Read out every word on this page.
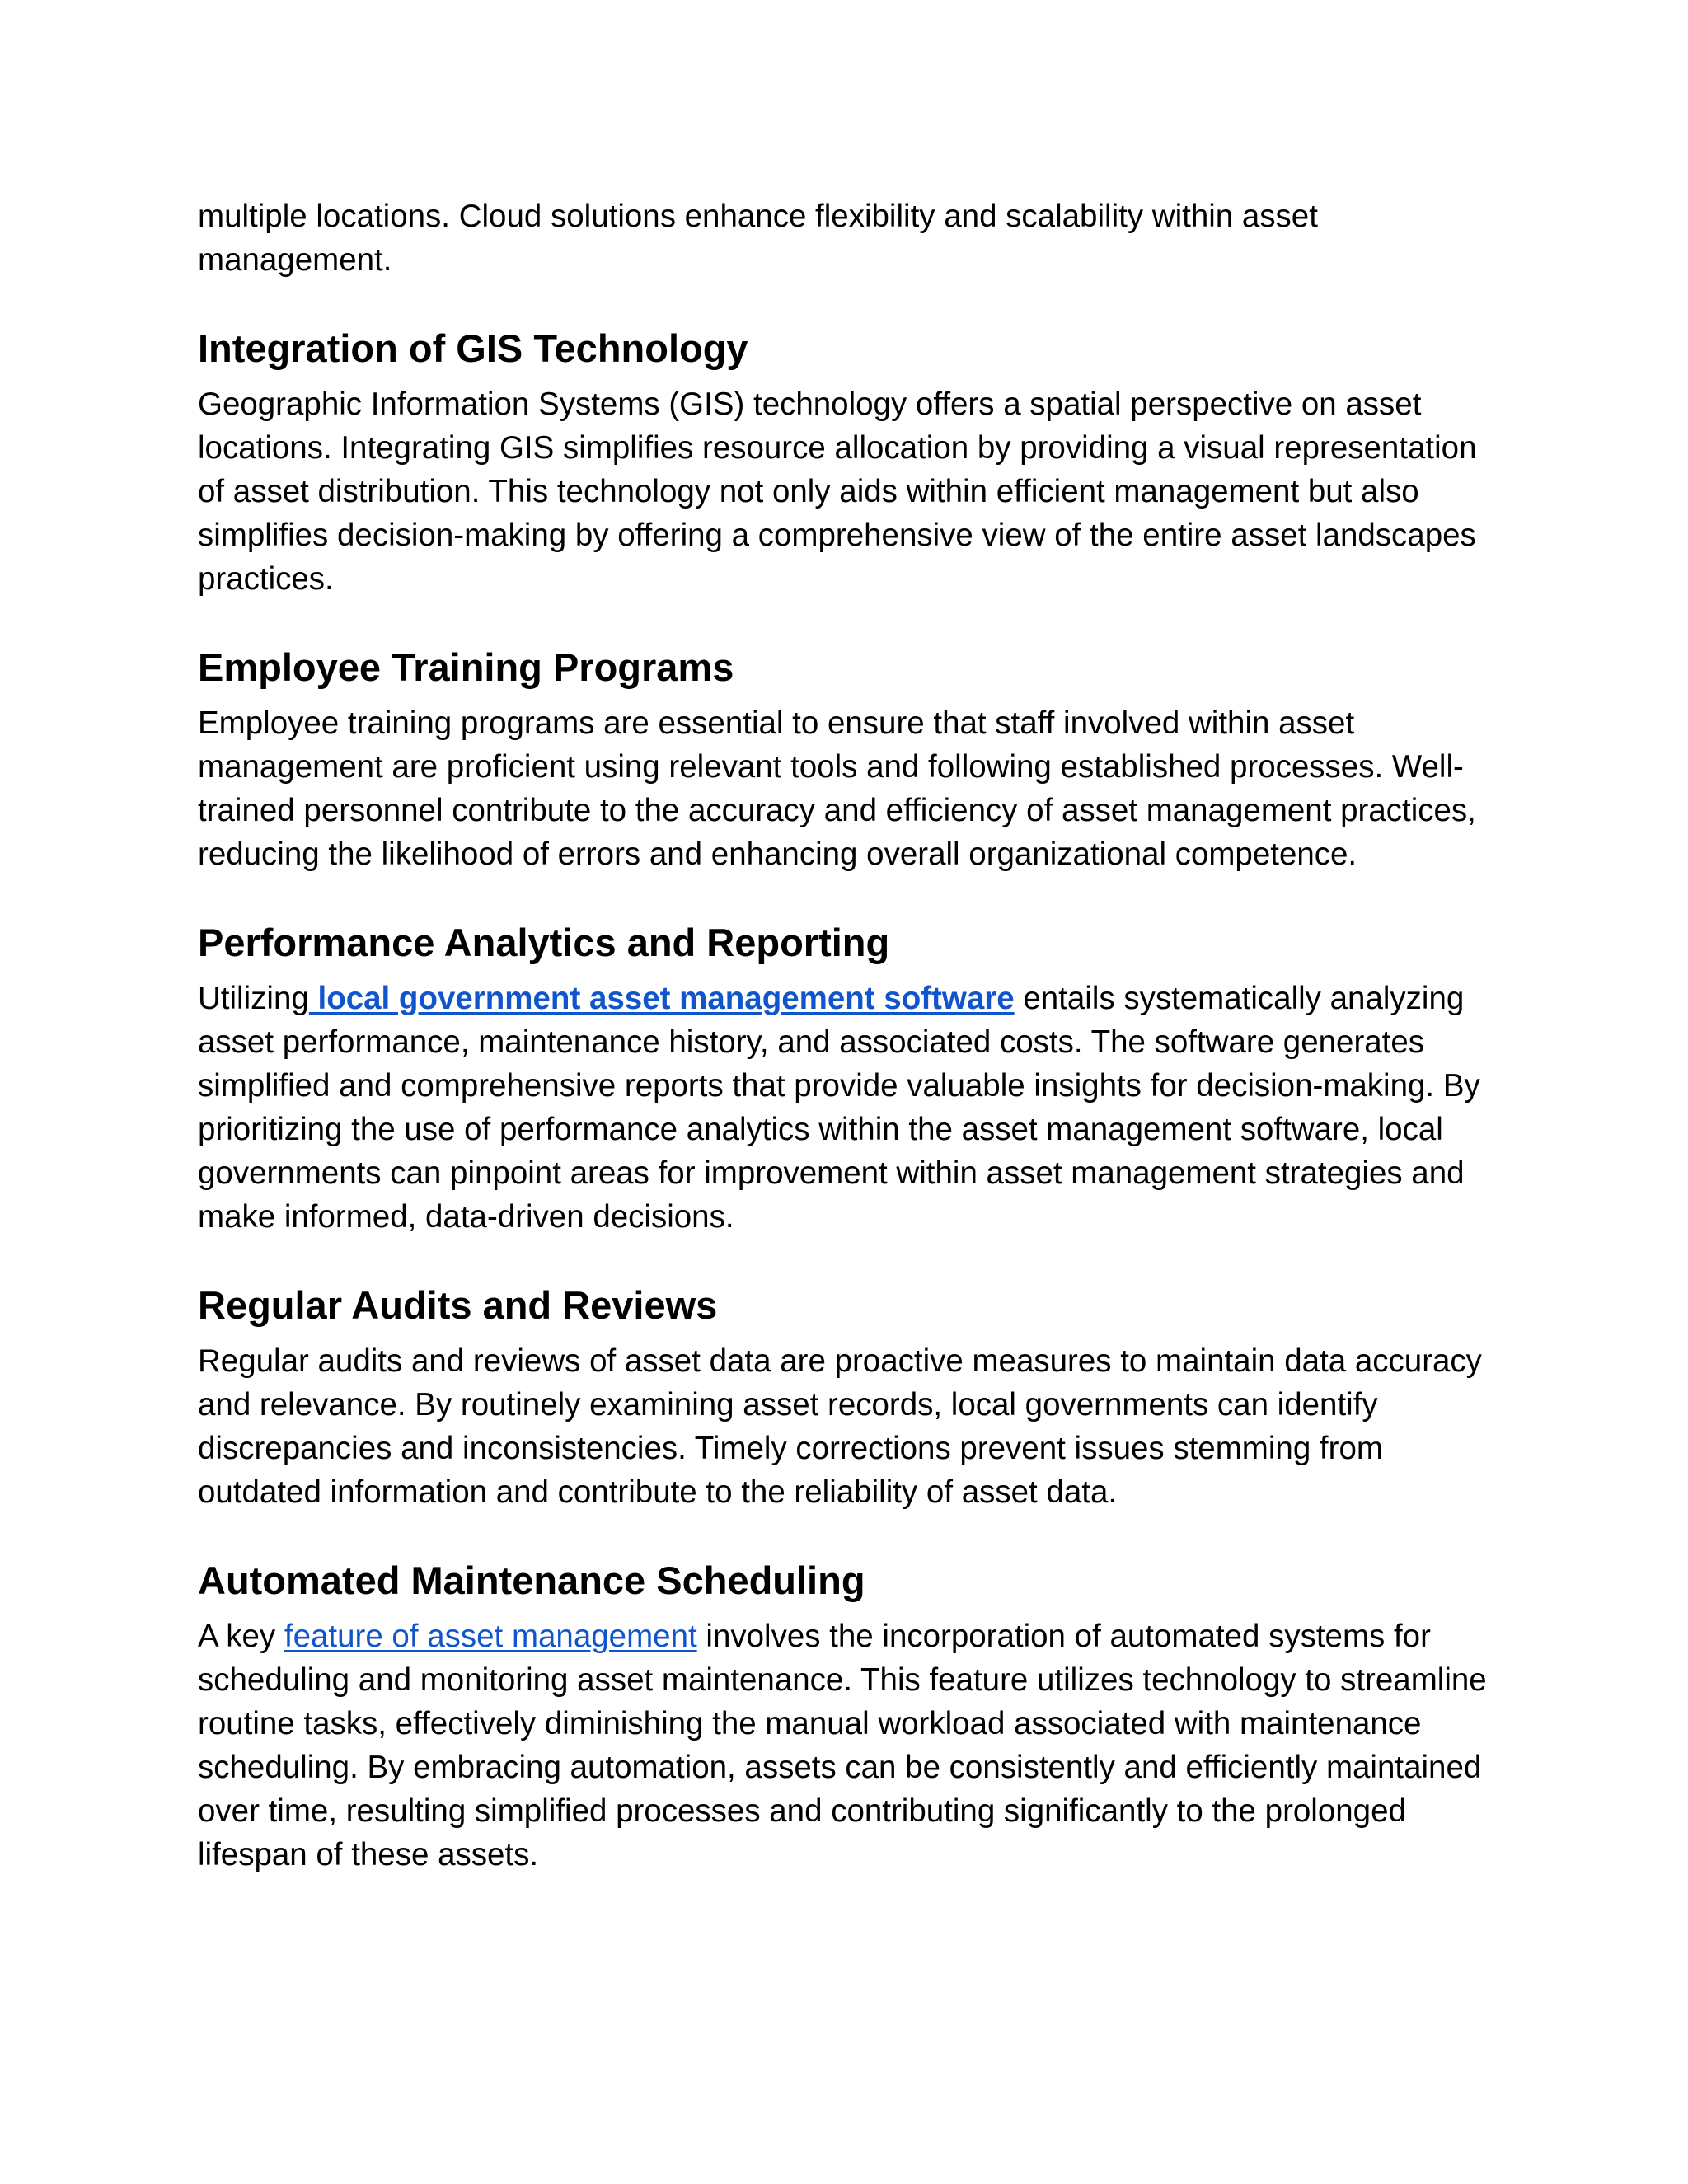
multiple locations. Cloud solutions enhance flexibility and scalability within asset management.

Integration of GIS Technology

Geographic Information Systems (GIS) technology offers a spatial perspective on asset locations. Integrating GIS simplifies resource allocation by providing a visual representation of asset distribution. This technology not only aids within efficient management but also simplifies decision-making by offering a comprehensive view of the entire asset landscapes practices.

Employee Training Programs

Employee training programs are essential to ensure that staff involved within asset management are proficient using relevant tools and following established processes. Well-trained personnel contribute to the accuracy and efficiency of asset management practices, reducing the likelihood of errors and enhancing overall organizational competence.

Performance Analytics and Reporting

Utilizing local government asset management software entails systematically analyzing asset performance, maintenance history, and associated costs. The software generates simplified and comprehensive reports that provide valuable insights for decision-making. By prioritizing the use of performance analytics within the asset management software, local governments can pinpoint areas for improvement within asset management strategies and make informed, data-driven decisions.

Regular Audits and Reviews

Regular audits and reviews of asset data are proactive measures to maintain data accuracy and relevance. By routinely examining asset records, local governments can identify discrepancies and inconsistencies. Timely corrections prevent issues stemming from outdated information and contribute to the reliability of asset data.

Automated Maintenance Scheduling

A key feature of asset management involves the incorporation of automated systems for scheduling and monitoring asset maintenance. This feature utilizes technology to streamline routine tasks, effectively diminishing the manual workload associated with maintenance scheduling. By embracing automation, assets can be consistently and efficiently maintained over time, resulting simplified processes and contributing significantly to the prolonged lifespan of these assets.
